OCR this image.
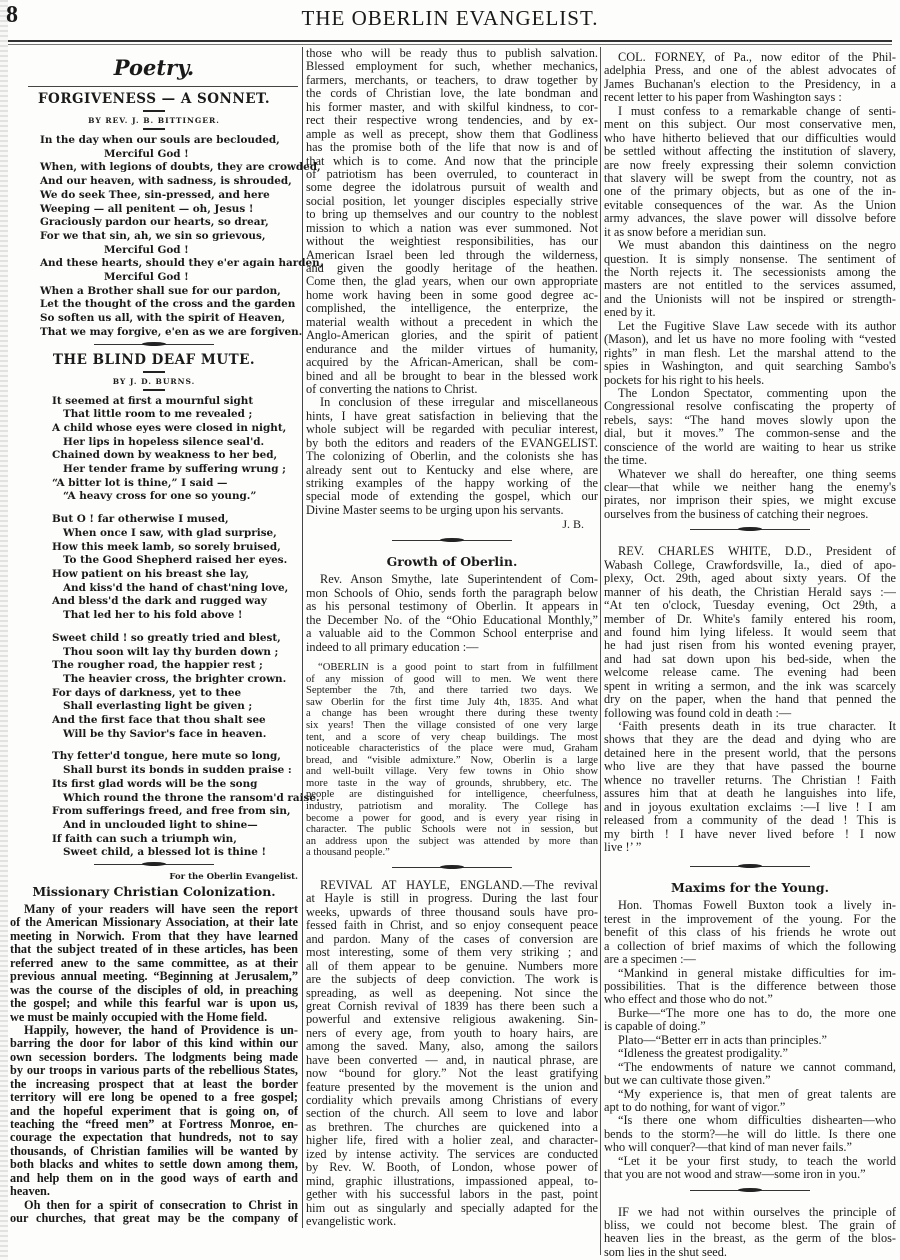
8	THE OBERLIN EVANGELIST.
Poetry.
FORGIVENESS — A SONNET.
BY REV. J. B. BITTINGER.
In the day when our souls are beclouded,
Merciful God !
When, with legions of doubts, they are crowded,
And our heaven, with sadness, is shrouded,
We do seek Thee, sin-pressed, and here
Weeping — all penitent — oh, Jesus !
Graciously pardon our hearts, so drear,
For we that sin, ah, we sin so grievous,
Merciful God !
And these hearts, should they e'er again harden,
Merciful God !
When a Brother shall sue for our pardon,
Let the thought of the cross and the garden
So soften us all, with the spirit of Heaven,
That we may forgive, e'en as we are forgiven.
THE BLIND DEAF MUTE.
BY J. D. BURNS.
It seemed at first a mournful sight
That little room to me revealed ;
A child whose eyes were closed in night,
Her lips in hopeless silence seal'd.
Chained down by weakness to her bed,
Her tender frame by suffering wrung ;
“A bitter lot is thine,” I said —
“A heavy cross for one so young.”
But O ! far otherwise I mused,
When once I saw, with glad surprise,
How this meek lamb, so sorely bruised,
To the Good Shepherd raised her eyes.
How patient on his breast she lay,
And kiss'd the hand of chast'ning love,
And bless'd the dark and rugged way
That led her to his fold above !
Sweet child ! so greatly tried and blest,
Thou soon wilt lay thy burden down ;
The rougher road, the happier rest ;
The heavier cross, the brighter crown.
For days of darkness, yet to thee
Shall everlasting light be given ;
And the first face that thou shalt see
Will be thy Savior's face in heaven.
Thy fetter'd tongue, here mute so long,
Shall burst its bonds in sudden praise :
Its first glad words will be the song
Which round the throne the ransom'd raise.
From sufferings freed, and free from sin,
And in unclouded light to shine—
If faith can such a triumph win,
Sweet child, a blessed lot is thine !
For the Oberlin Evangelist.
Missionary Christian Colonization.
Many of your readers will have seen the report
of the American Missionary Association, at their late
meeting in Norwich. From that they have learned
that the subject treated of in these articles, has been
referred anew to the same committee, as at their
previous annual meeting. “Beginning at Jerusalem,”
was the course of the disciples of old, in preaching
the gospel; and while this fearful war is upon us,
we must be mainly occupied with the Home field.
Happily, however, the hand of Providence is un-
barring the door for labor of this kind within our
own secession borders. The lodgments being made
by our troops in various parts of the rebellious States,
the increasing prospect that at least the border
territory will ere long be opened to a free gospel;
and the hopeful experiment that is going on, of
teaching the “freed men” at Fortress Monroe, en-
courage the expectation that hundreds, not to say
thousands, of Christian families will be wanted by
both blacks and whites to settle down among them,
and help them on in the good ways of earth and
heaven.
Oh then for a spirit of consecration to Christ in
our churches, that great may be the company of
those who will be ready thus to publish salvation.
Blessed employment for such, whether mechanics,
farmers, merchants, or teachers, to draw together by
the cords of Christian love, the late bondman and
his former master, and with skilful kindness, to cor-
rect their respective wrong tendencies, and by ex-
ample as well as precept, show them that Godliness
has the promise both of the life that now is and of
that which is to come. And now that the principle
of patriotism has been overruled, to counteract in
some degree the idolatrous pursuit of wealth and
social position, let younger disciples especially strive
to bring up themselves and our country to the noblest
mission to which a nation was ever summoned. Not
without the weightiest responsibilities, has our
American Israel been led through the wilderness,
and given the goodly heritage of the heathen.
Come then, the glad years, when our own appropriate
home work having been in some good degree ac-
complished, the intelligence, the enterprize, the
material wealth without a precedent in which the
Anglo-American glories, and the spirit of patient
endurance and the milder virtues of humanity,
acquired by the African-American, shall be com-
bined and all be brought to bear in the blessed work
of converting the nations to Christ.
In conclusion of these irregular and miscellaneous
hints, I have great satisfaction in believing that the
whole subject will be regarded with peculiar interest,
by both the editors and readers of the EVANGELIST.
The colonizing of Oberlin, and the colonists she has
already sent out to Kentucky and else where, are
striking examples of the happy working of the
special mode of extending the gospel, which our
Divine Master seems to be urging upon his servants.
J. B.
Growth of Oberlin.
Rev. Anson Smythe, late Superintendent of Com-
mon Schools of Ohio, sends forth the paragraph below
as his personal testimony of Oberlin. It appears in
the December No. of the “Ohio Educational Monthly,”
a valuable aid to the Common School enterprise and
indeed to all primary education :—
“OBERLIN is a good point to start from in fulfillment
of any mission of good will to men. We went there
September the 7th, and there tarried two days. We
saw Oberlin for the first time July 4th, 1835. And what
a change has been wrought there during these twenty
six years! Then the village consisted of one very large
tent, and a score of very cheap buildings. The most
noticeable characteristics of the place were mud, Graham
bread, and “visible admixture.” Now, Oberlin is a large
and well-built village. Very few towns in Ohio show
more taste in the way of grounds, shrubbery, etc. The
people are distinguished for intelligence, cheerfulness,
industry, patriotism and morality. The College has
become a power for good, and is every year rising in
character. The public Schools were not in session, but
an address upon the subject was attended by more than
a thousand people.”
REVIVAL AT HAYLE, ENGLAND.—The revival
at Hayle is still in progress. During the last four
weeks, upwards of three thousand souls have pro-
fessed faith in Christ, and so enjoy consequent peace
and pardon. Many of the cases of conversion are
most interesting, some of them very striking ; and
all of them appear to be genuine. Numbers more
are the subjects of deep conviction. The work is
spreading, as well as deepening. Not since the
great Cornish revival of 1839 has there been such a
powerful and extensive religious awakening. Sin-
ners of every age, from youth to hoary hairs, are
among the saved. Many, also, among the sailors
have been converted — and, in nautical phrase, are
now “bound for glory.” Not the least gratifying
feature presented by the movement is the union and
cordiality which prevails among Christians of every
section of the church. All seem to love and labor
as brethren. The churches are quickened into a
higher life, fired with a holier zeal, and character-
ized by intense activity. The services are conducted
by Rev. W. Booth, of London, whose power of
mind, graphic illustrations, impassioned appeal, to-
gether with his successful labors in the past, point
him out as singularly and specially adapted for the
evangelistic work.
COL. FORNEY, of Pa., now editor of the Phil-
adelphia Press, and one of the ablest advocates of
James Buchanan's election to the Presidency, in a
recent letter to his paper from Washington says :
I must confess to a remarkable change of senti-
ment on this subject. Our most conservative men,
who have hitherto believed that our difficulties would
be settled without affecting the institution of slavery,
are now freely expressing their solemn conviction
that slavery will be swept from the country, not as
one of the primary objects, but as one of the in-
evitable consequences of the war. As the Union
army advances, the slave power will dissolve before
it as snow before a meridian sun.
We must abandon this daintiness on the negro
question. It is simply nonsense. The sentiment of
the North rejects it. The secessionists among the
masters are not entitled to the services assumed,
and the Unionists will not be inspired or strength-
ened by it.
Let the Fugitive Slave Law secede with its author
(Mason), and let us have no more fooling with “vested
rights” in man flesh. Let the marshal attend to the
spies in Washington, and quit searching Sambo's
pockets for his right to his heels.
The London Spectator, commenting upon the
Congressional resolve confiscating the property of
rebels, says: “The hand moves slowly upon the
dial, but it moves.” The common-sense and the
conscience of the world are waiting to hear us strike
the time.
Whatever we shall do hereafter, one thing seems
clear—that while we neither hang the enemy's
pirates, nor imprison their spies, we might excuse
ourselves from the business of catching their negroes.
REV. CHARLES WHITE, D.D., President of
Wabash College, Crawfordsville, Ia., died of apo-
plexy, Oct. 29th, aged about sixty years. Of the
manner of his death, the Christian Herald says :—
“At ten o'clock, Tuesday evening, Oct 29th, a
member of Dr. White's family entered his room,
and found him lying lifeless. It would seem that
he had just risen from his wonted evening prayer,
and had sat down upon his bed-side, when the
welcome release came. The evening had been
spent in writing a sermon, and the ink was scarcely
dry on the paper, when the hand that penned the
following was found cold in death :—
‘Faith presents death in its true character. It
shows that they are the dead and dying who are
detained here in the present world, that the persons
who live are they that have passed the bourne
whence no traveller returns. The Christian ! Faith
assures him that at death he languishes into life,
and in joyous exultation exclaims :—I live ! I am
released from a community of the dead ! This is
my birth ! I have never lived before ! I now
live !’ ”
Maxims for the Young.
Hon. Thomas Fowell Buxton took a lively in-
terest in the improvement of the young. For the
benefit of this class of his friends he wrote out
a collection of brief maxims of which the following
are a specimen :—
“Mankind in general mistake difficulties for im-
possibilities. That is the difference between those
who effect and those who do not.”
Burke—“The more one has to do, the more one
is capable of doing.”
Plato—“Better err in acts than principles.”
“Idleness the greatest prodigality.”
“The endowments of nature we cannot command,
but we can cultivate those given.”
“My experience is, that men of great talents are
apt to do nothing, for want of vigor.”
“Is there one whom difficulties dishearten—who
bends to the storm?—he will do little. Is there one
who will conquer?—that kind of man never fails.”
“Let it be your first study, to teach the world
that you are not wood and straw—some iron in you.”
IF we had not within ourselves the principle of
bliss, we could not become blest. The grain of
heaven lies in the breast, as the germ of the blos-
som lies in the shut seed.
